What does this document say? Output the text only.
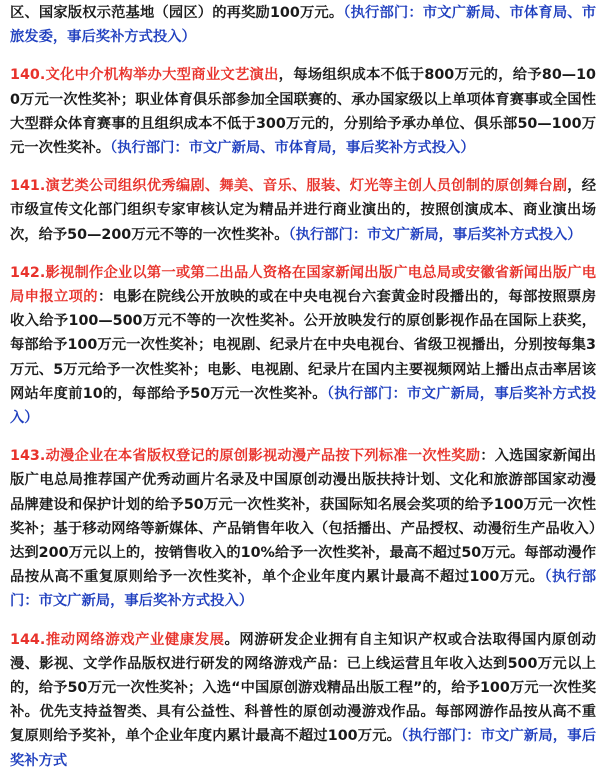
区、国家版权示范基地（园区）的再奖励100万元。（执行部门：市文广新局、市体育局、市旅发委，事后奖补方式投入）

140.文化中介机构举办大型商业文艺演出，每场组织成本不低于800万元的，给予80—100万元一次性奖补；职业体育俱乐部参加全国联赛的、承办国家级以上单项体育赛事或全国性大型群众体育赛事的且组织成本不低于300万元的，分别给予承办单位、俱乐部50—100万元一次性奖补。（执行部门：市文广新局、市体育局，事后奖补方式投入）

141.演艺类公司组织优秀编剧、舞美、音乐、服装、灯光等主创人员创制的原创舞台剧，经市级宣传文化部门组织专家审核认定为精品并进行商业演出的，按照创演成本、商业演出场次，给予50—200万元不等的一次性奖补。（执行部门：市文广新局，事后奖补方式投入）

142.影视制作企业以第一或第二出品人资格在国家新闻出版广电总局或安徽省新闻出版广电局申报立项的：电影在院线公开放映的或在中央电视台六套黄金时段播出的，每部按照票房收入给予100—500万元不等的一次性奖补。公开放映发行的原创影视作品在国际上获奖，每部给予100万元一次性奖补；电视剧、纪录片在中央电视台、省级卫视播出，分别按每集3万元、5万元给予一次性奖补；电影、电视剧、纪录片在国内主要视频网站上播出点击率居该网站年度前10的，每部给予50万元一次性奖补。（执行部门：市文广新局，事后奖补方式投入）

143.动漫企业在本省版权登记的原创影视动漫产品按下列标准一次性奖励：入选国家新闻出版广电总局推荐国产优秀动画片名录及中国原创动漫出版扶持计划、文化和旅游部国家动漫品牌建设和保护计划的给予50万元一次性奖补，获国际知名展会奖项的给予100万元一次性奖补；基于移动网络等新媒体、产品销售年收入（包括播出、产品授权、动漫衍生产品收入）达到200万元以上的，按销售收入的10%给予一次性奖补，最高不超过50万元。每部动漫作品按从高不重复原则给予一次性奖补，单个企业年度内累计最高不超过100万元。（执行部门：市文广新局，事后奖补方式投入）

144.推动网络游戏产业健康发展。网游研发企业拥有自主知识产权或合法取得国内原创动漫、影视、文学作品版权进行研发的网络游戏产品：已上线运营且年收入达到500万元以上的，给予50万元一次性奖补；入选“中国原创游戏精品出版工程”的，给予100万元一次性奖补。优先支持益智类、具有公益性、科普性的原创动漫游戏作品。每部网游作品按从高不重复原则给予奖补，单个企业年度内累计最高不超过100万元。（执行部门：市文广新局，事后奖补方式
